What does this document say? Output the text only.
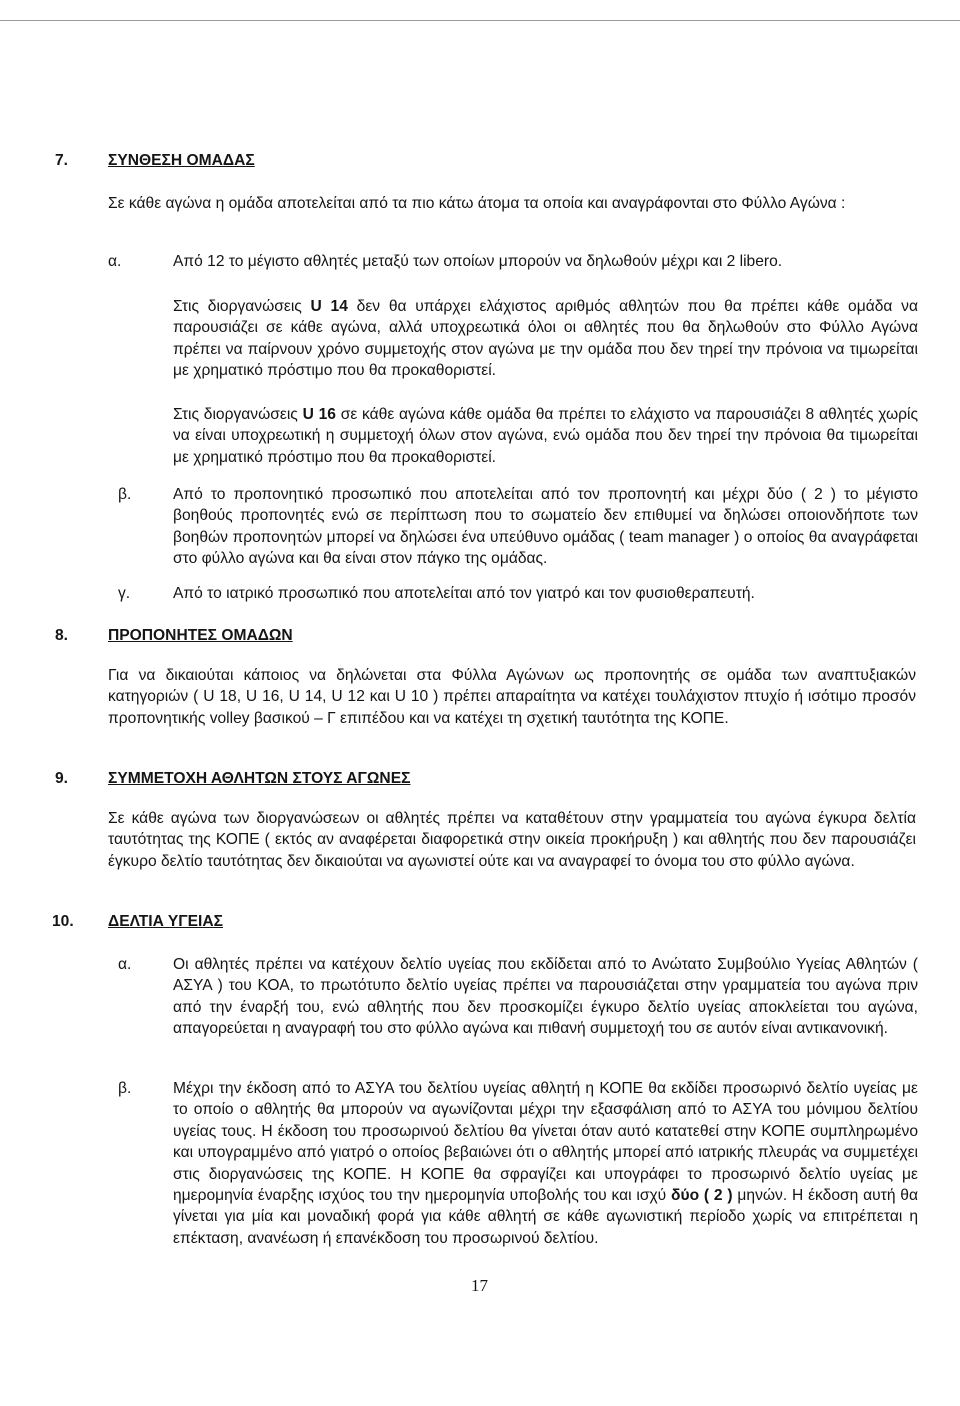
7.	ΣΥΝΘΕΣΗ ΟΜΑΔΑΣ
Σε κάθε αγώνα η ομάδα αποτελείται από τα πιο κάτω άτομα τα οποία και αναγράφονται στο Φύλλο Αγώνα :
α.	Από 12 το μέγιστο αθλητές μεταξύ των οποίων μπορούν να δηλωθούν μέχρι και 2 libero.
Στις διοργανώσεις U 14 δεν θα υπάρχει ελάχιστος αριθμός αθλητών που θα πρέπει κάθε ομάδα να παρουσιάζει σε κάθε αγώνα, αλλά υποχρεωτικά όλοι οι αθλητές που θα δηλωθούν στο Φύλλο Αγώνα πρέπει να παίρνουν χρόνο συμμετοχής στον αγώνα με την ομάδα που δεν τηρεί την πρόνοια να τιμωρείται με χρηματικό πρόστιμο που θα προκαθοριστεί.
Στις διοργανώσεις U 16 σε κάθε αγώνα κάθε ομάδα θα πρέπει το ελάχιστο να παρουσιάζει 8 αθλητές χωρίς να είναι υποχρεωτική η συμμετοχή όλων στον αγώνα, ενώ ομάδα που δεν τηρεί την πρόνοια θα τιμωρείται με χρηματικό πρόστιμο που θα προκαθοριστεί.
β.	Από το προπονητικό προσωπικό που αποτελείται από τον προπονητή και μέχρι δύο ( 2 ) το μέγιστο βοηθούς προπονητές ενώ σε περίπτωση που το σωματείο δεν επιθυμεί να δηλώσει οποιονδήποτε των βοηθών προπονητών μπορεί να δηλώσει ένα υπεύθυνο ομάδας ( team manager ) ο οποίος θα αναγράφεται στο φύλλο αγώνα και θα είναι στον πάγκο της ομάδας.
γ.	Από το ιατρικό προσωπικό που αποτελείται από τον γιατρό και τον φυσιοθεραπευτή.
8.	ΠΡΟΠΟΝΗΤΕΣ ΟΜΑΔΩΝ
Για να δικαιούται κάποιος να δηλώνεται στα Φύλλα Αγώνων ως προπονητής σε ομάδα των αναπτυξιακών κατηγοριών ( U 18, U 16, U 14, U 12 και U 10 ) πρέπει απαραίτητα να κατέχει τουλάχιστον πτυχίο ή ισότιμο προσόν προπονητικής volley βασικού – Γ επιπέδου και να κατέχει τη σχετική ταυτότητα της ΚΟΠΕ.
9.	ΣΥΜΜΕΤΟΧΗ ΑΘΛΗΤΩΝ ΣΤΟΥΣ ΑΓΩΝΕΣ
Σε κάθε αγώνα των διοργανώσεων οι αθλητές πρέπει να καταθέτουν στην γραμματεία του αγώνα έγκυρα δελτία ταυτότητας της ΚΟΠΕ ( εκτός αν αναφέρεται διαφορετικά στην οικεία προκήρυξη ) και αθλητής που δεν παρουσιάζει έγκυρο δελτίο ταυτότητας δεν δικαιούται να αγωνιστεί ούτε και να αναγραφεί το όνομα του στο φύλλο αγώνα.
10. ΔΕΛΤΙΑ ΥΓΕΙΑΣ
α.	Οι αθλητές πρέπει να κατέχουν δελτίο υγείας που εκδίδεται από το Ανώτατο Συμβούλιο Υγείας Αθλητών ( ΑΣΥΑ ) του ΚΟΑ, το πρωτότυπο δελτίο υγείας πρέπει να παρουσιάζεται στην γραμματεία του αγώνα πριν από την έναρξή του, ενώ αθλητής που δεν προσκομίζει έγκυρο δελτίο υγείας αποκλείεται του αγώνα, απαγορεύεται η αναγραφή του στο φύλλο αγώνα και πιθανή συμμετοχή του σε αυτόν είναι αντικανονική.
β.	Μέχρι την έκδοση από το ΑΣΥΑ του δελτίου υγείας αθλητή η ΚΟΠΕ θα εκδίδει προσωρινό δελτίο υγείας με το οποίο ο αθλητής θα μπορούν να αγωνίζονται μέχρι την εξασφάλιση από το ΑΣΥΑ του μόνιμου δελτίου υγείας τους. Η έκδοση του προσωρινού δελτίου θα γίνεται όταν αυτό κατατεθεί στην ΚΟΠΕ συμπληρωμένο και υπογραμμένο από γιατρό ο οποίος βεβαιώνει ότι ο αθλητής μπορεί από ιατρικής πλευράς να συμμετέχει στις διοργανώσεις της ΚΟΠΕ. Η ΚΟΠΕ θα σφραγίζει και υπογράφει το προσωρινό δελτίο υγείας με ημερομηνία έναρξης ισχύος του την ημερομηνία υποβολής του και ισχύ δύο ( 2 ) μηνών. Η έκδοση αυτή θα γίνεται για μία και μοναδική φορά για κάθε αθλητή σε κάθε αγωνιστική περίοδο χωρίς να επιτρέπεται η επέκταση, ανανέωση ή επανέκδοση του προσωρινού δελτίου.
17
